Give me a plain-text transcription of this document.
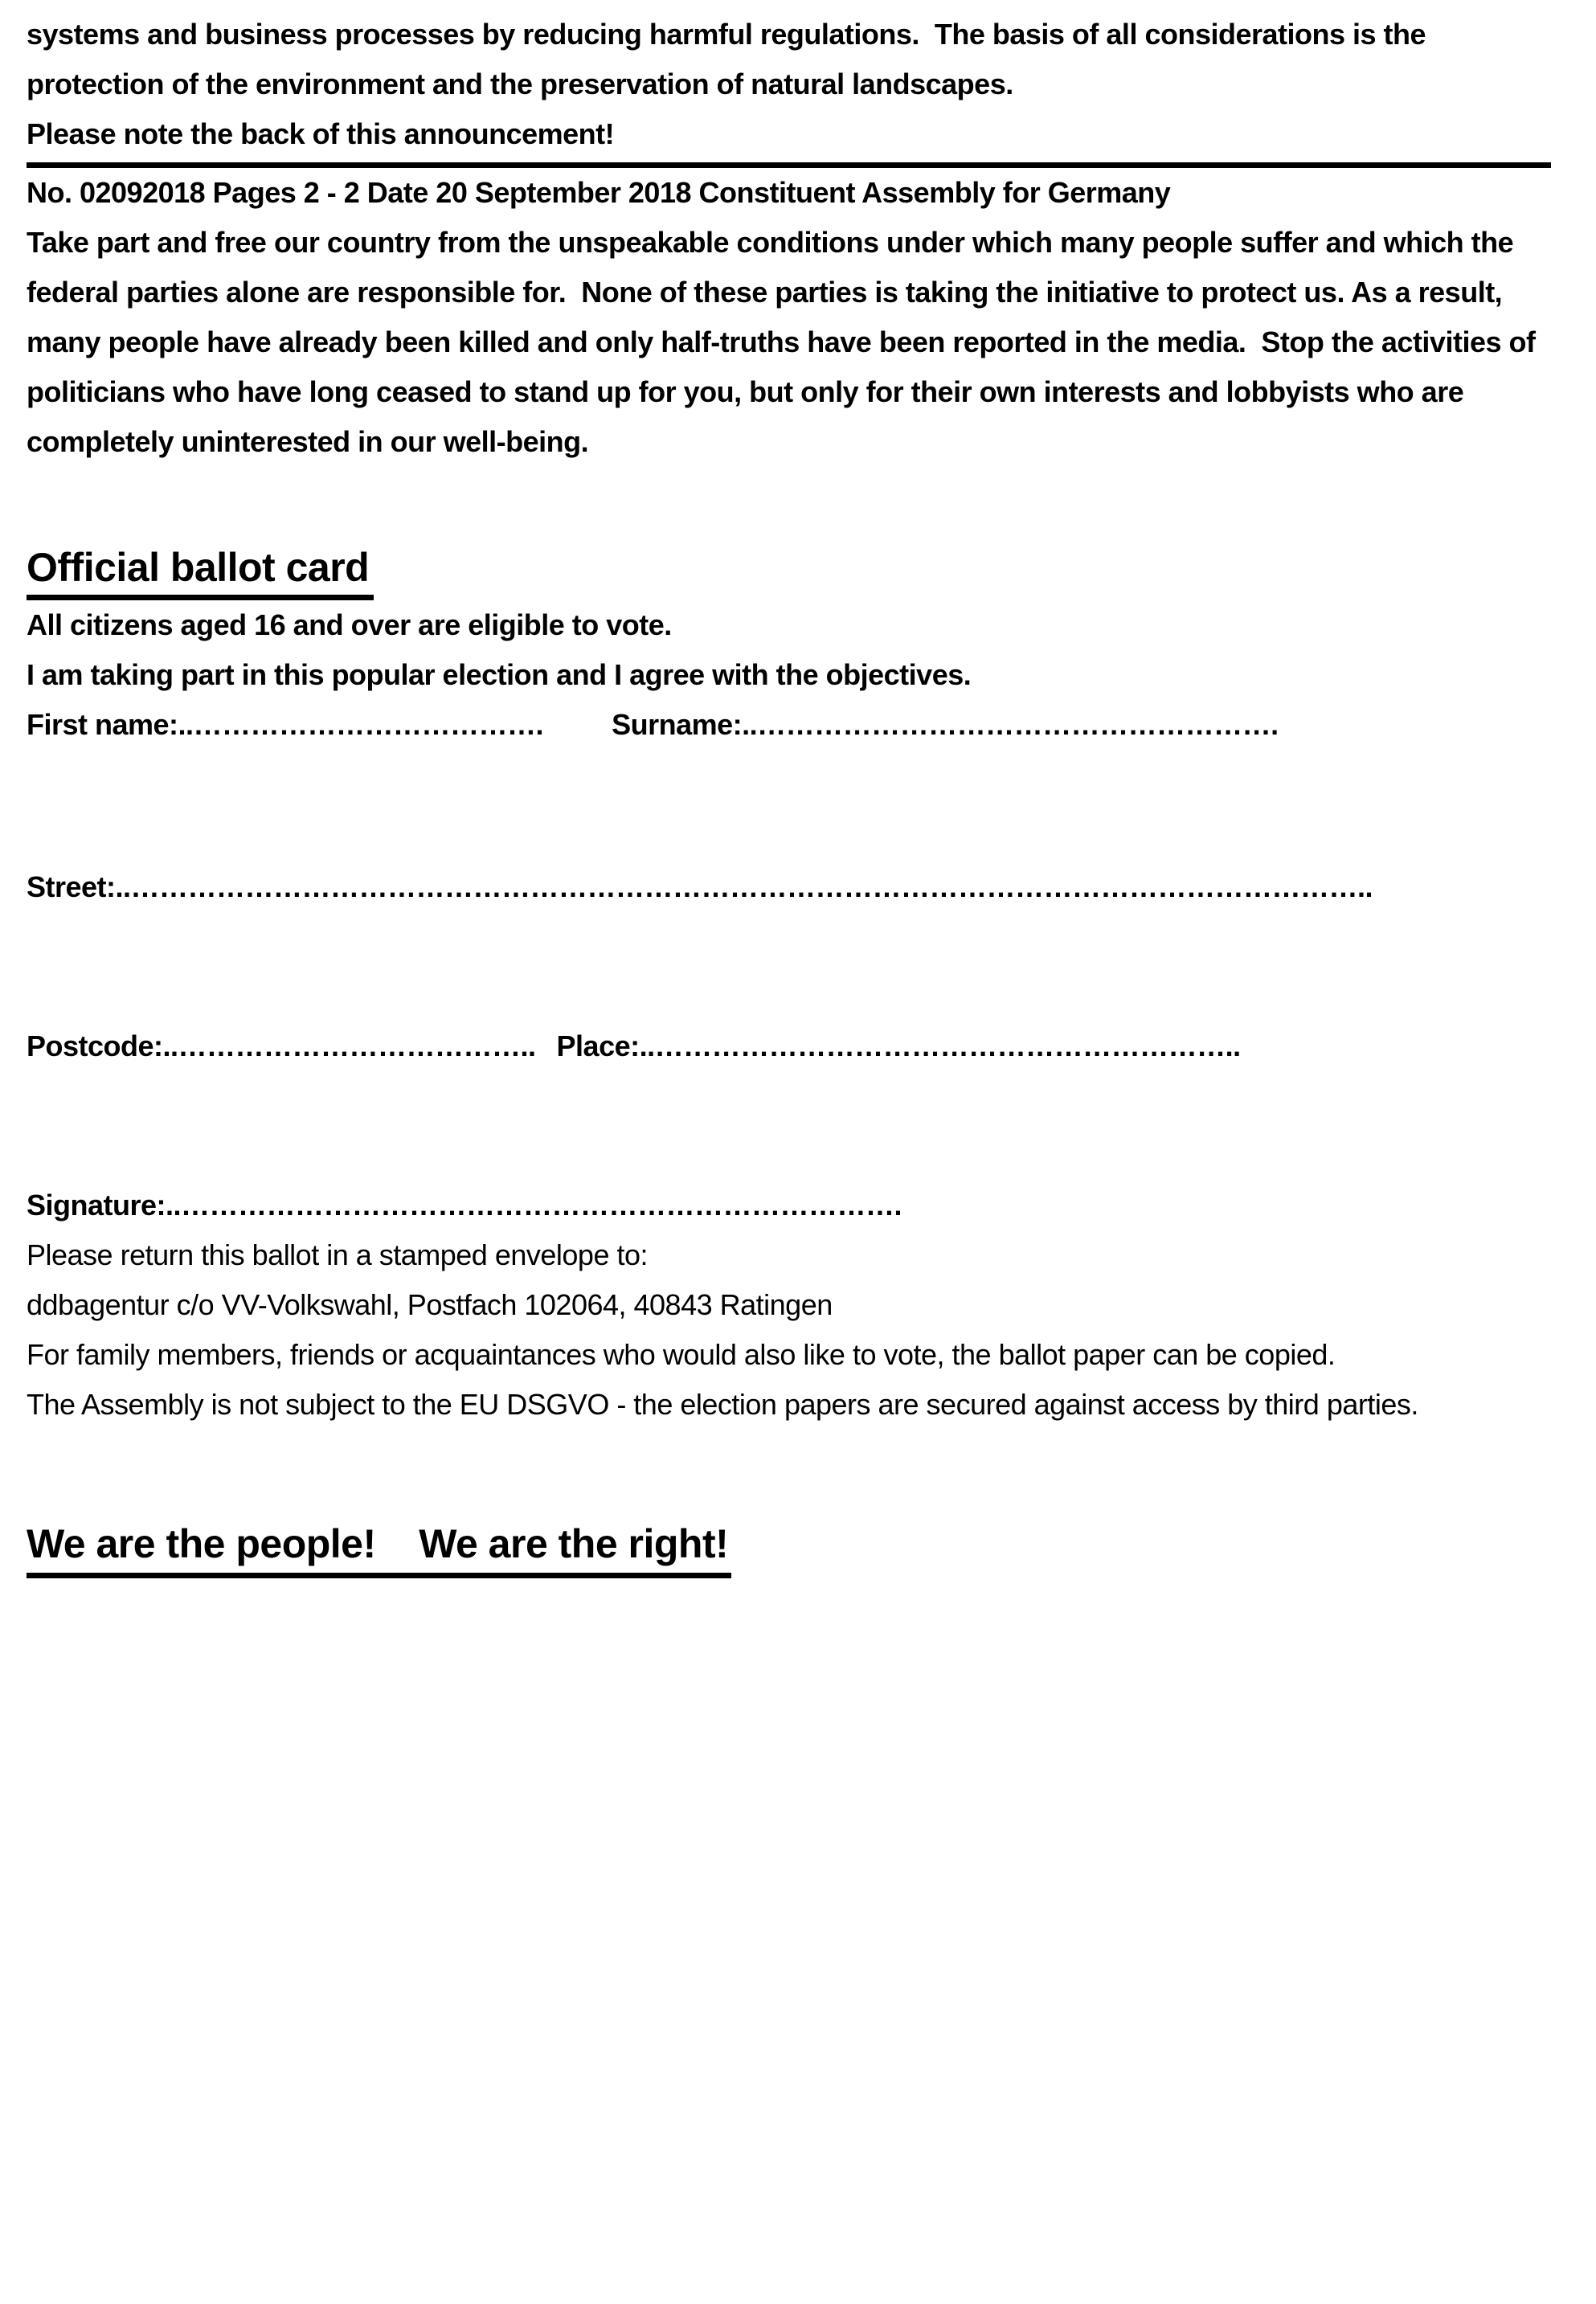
systems and business processes by reducing harmful regulations.  The basis of all considerations is the protection of the environment and the preservation of natural landscapes.

Please note the back of this announcement!

No. 02092018 Pages 2 - 2 Date 20 September 2018 Constituent Assembly for Germany

Take part and free our country from the unspeakable conditions under which many people suffer and which the federal parties alone are responsible for.  None of these parties is taking the initiative to protect us. As a result, many people have already been killed and only half-truths have been reported in the media.  Stop the activities of politicians who have long ceased to stand up for you, but only for their own interests and lobbyists who are completely uninterested in our well-being.

Official ballot card

All citizens aged 16 and over are eligible to vote.

I am taking part in this popular election and I agree with the objectives.

First name:..………………………………. Surname:..……………………………………………….

Street:..…………………………………………………………………………………………………………………..

Postcode:..……………………………….. Place:..……………………………………………………..

Signature:..………………………………………………………………….

Please return this ballot in a stamped envelope to:

ddbagentur c/o VV-Volkswahl, Postfach 102064, 40843 Ratingen

For family members, friends or acquaintances who would also like to vote, the ballot paper can be copied.

The Assembly is not subject to the EU DSGVO - the election papers are secured against access by third parties.

We are the people!    We are the right!
